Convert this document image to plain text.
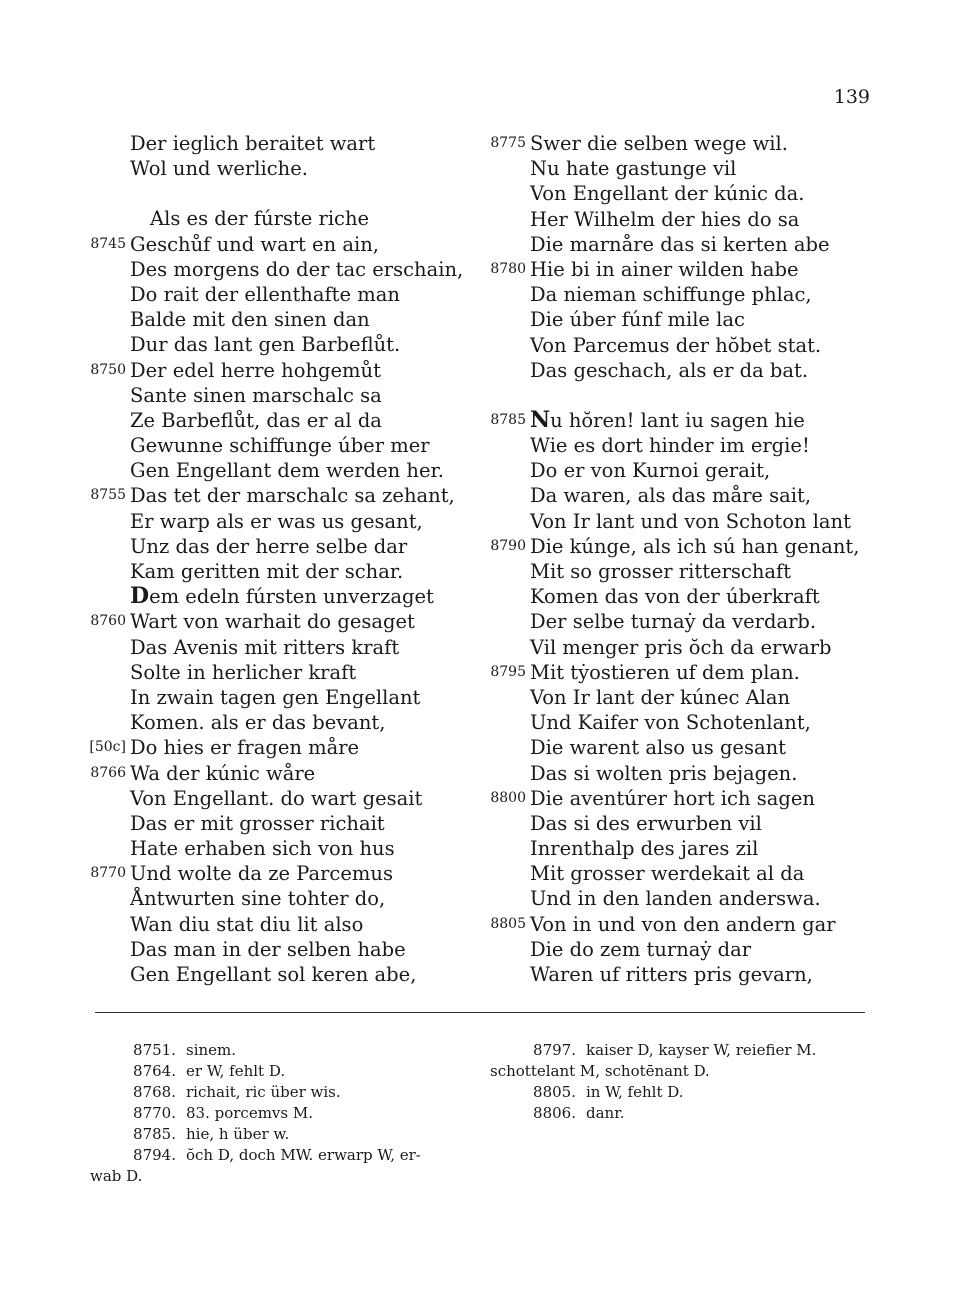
139
Der ieglich beraitet wart
Wol und werliche.
Als es der fúrste riche
8745 Geschůf und wart en ain,
Des morgens do der tac erschain,
Do rait der ellenthafte man
Balde mit den sinen dan
Dur das lant gen Barbeflůt.
8750 Der edel herre hohgemůt
Sante sinen marschalc sa
Ze Barbeflůt, das er al da
Gewunne schiffunge úber mer
Gen Engellant dem werden her.
8755 Das tet der marschalc sa zehant,
Er warp als er was us gesant,
Unz das der herre selbe dar
Kam geritten mit der schar.
Dem edeln fúrsten unverzaget
8760 Wart von warhait do gesaget
Das Avenis mit ritters kraft
Solte in herlicher kraft
In zwain tagen gen Engellant
Komen. als er das bevant,
[50c] Do hies er fragen måre
8766 Wa der kúnic wåre
Von Engellant. do wart gesait
Das er mit grosser richait
Hate erhaben sich von hus
8770 Und wolte da ze Parcemus
Åntwurten sine tohter do,
Wan diu stat diu lit also
Das man in der selben habe
Gen Engellant sol keren abe,
8775 Swer die selben wege wil.
Nu hate gastunge vil
Von Engellant der kúnic da.
Her Wilhelm der hies do sa
Die marnåre das si kerten abe
8780 Hie bi in ainer wilden habe
Da nieman schiffunge phlac,
Die úber fúnf mile lac
Von Parcemus der hŏbet stat.
Das geschach, als er da bat.
8785 Nu hŏren! lant iu sagen hie
Wie es dort hinder im ergie!
Do er von Kurnoi gerait,
Da waren, als das måre sait,
Von Ir lant und von Schoton lant
8790 Die kúnge, als ich sú han genant,
Mit so grosser ritterschaft
Komen das von der úberkraft
Der selbe turnaẏ da verdarb.
Vil menger pris ŏch da erwarb
8795 Mit tẏostieren uf dem plan.
Von Ir lant der kúnec Alan
Und Kaifer von Schotenlant,
Die warent also us gesant
Das si wolten pris bejagen.
8800 Die aventúrer hort ich sagen
Das si des erwurben vil
Inrenthalp des jares zil
Mit grosser werdekait al da
Und in den landen anderswa.
8805 Von in und von den andern gar
Die do zem turnaẏ dar
Waren uf ritters pris gevarn,
8751. sinem.
8764. er W, fehlt D.
8768. richait, ric über wis.
8770. 83. porcemvs M.
8785. hie, h über w.
8794. ŏch D, doch MW. erwarp W, er-
wab D.
8797. kaiser D, kayser W, reiefier M.
schottelant M, schotēnant D.
8805. in W, fehlt D.
8806. danr.
